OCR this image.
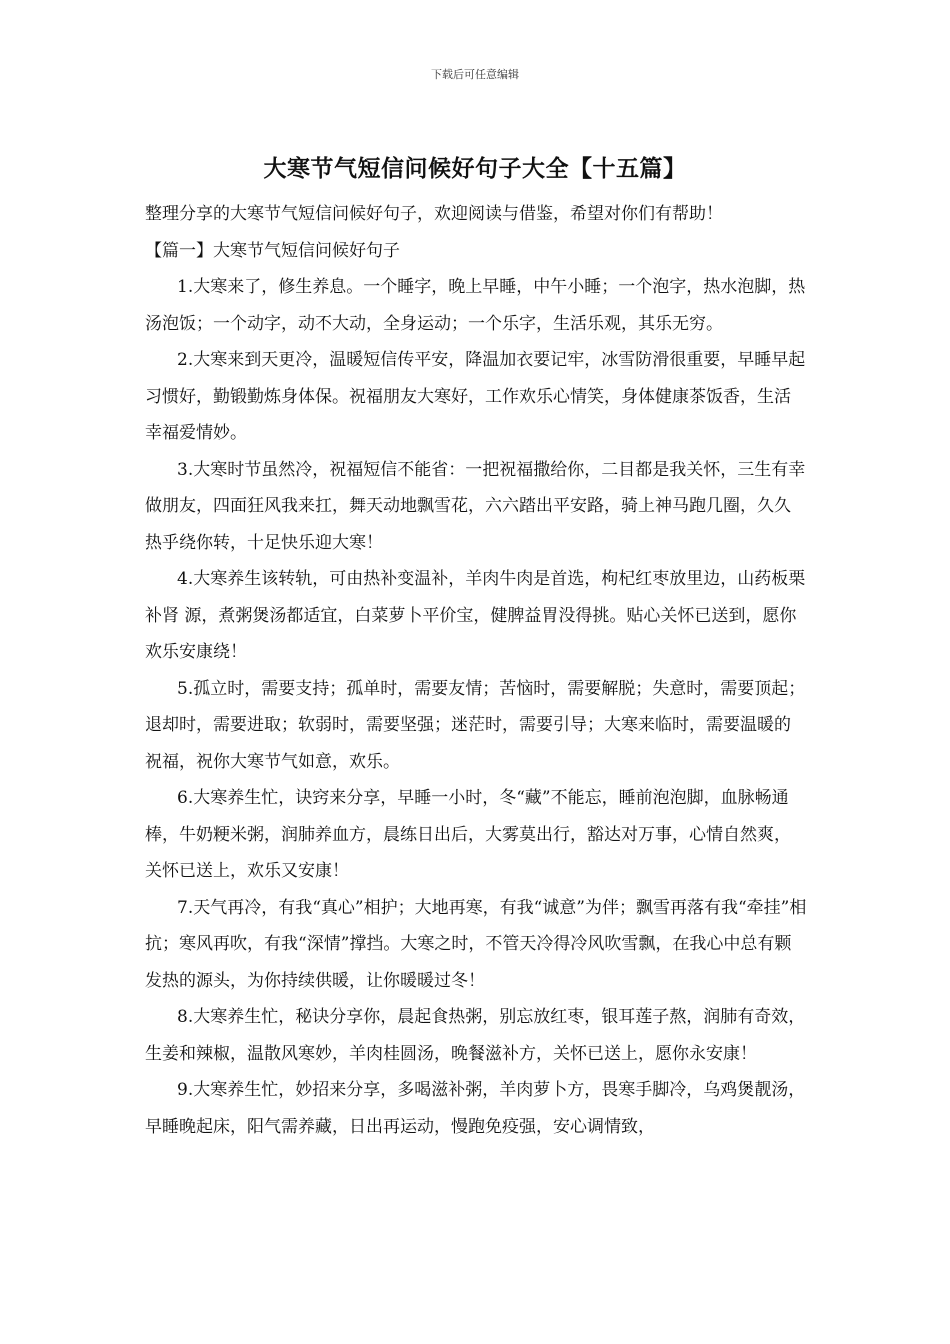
下载后可任意编辑
大寒节气短信问候好句子大全【十五篇】

整理分享的大寒节气短信问候好句子，欢迎阅读与借鉴，希望对你们有帮助！

【篇一】大寒节气短信问候好句子

1.大寒来了，修生养息。一个睡字，晚上早睡，中午小睡；一个泡字，热水泡脚，热汤泡饭；一个动字，动不大动，全身运动；一个乐字，生活乐观，其乐无穷。

2.大寒来到天更冷，温暖短信传平安，降温加衣要记牢，冰雪防滑很重要，早睡早起习惯好，勤锻勤炼身体保。祝福朋友大寒好，工作欢乐心情笑，身体健康茶饭香，生活幸福爱情妙。

3.大寒时节虽然冷，祝福短信不能省：一把祝福撒给你，二目都是我关怀，三生有幸做朋友，四面狂风我来扛，舞天动地飘雪花，六六踏出平安路，骑上神马跑几圈，久久热乎绕你转，十足快乐迎大寒！

4.大寒养生该转轨，可由热补变温补，羊肉牛肉是首选，枸杞红枣放里边，山药板栗补肾 源，煮粥煲汤都适宜，白菜萝卜平价宝，健脾益胃没得挑。贴心关怀已送到，愿你欢乐安康绕！

5.孤立时，需要支持；孤单时，需要友情；苦恼时，需要解脱；失意时，需要顶起；退却时，需要进取；软弱时，需要坚强；迷茫时，需要引导；大寒来临时，需要温暖的祝福，祝你大寒节气如意，欢乐。

6.大寒养生忙，诀窍来分享，早睡一小时，冬“藏”不能忘，睡前泡泡脚，血脉畅通棒，牛奶粳米粥，润肺养血方，晨练日出后，大雾莫出行，豁达对万事，心情自然爽，关怀已送上，欢乐又安康！

7.天气再冷，有我“真心”相护；大地再寒，有我“诚意”为伴；飘雪再落有我“牵挂”相抗；寒风再吹，有我“深情”撑挡。大寒之时，不管天冷得冷风吹雪飘，在我心中总有颗发热的源头，为你持续供暖，让你暖暖过冬！

8.大寒养生忙，秘诀分享你，晨起食热粥，别忘放红枣，银耳莲子熬，润肺有奇效，生姜和辣椒，温散风寒妙，羊肉桂圆汤，晚餐滋补方，关怀已送上，愿你永安康！

9.大寒养生忙，妙招来分享，多喝滋补粥，羊肉萝卜方，畏寒手脚冷，乌鸡煲靓汤，早睡晚起床，阳气需养藏，日出再运动，慢跑免疫强，安心调情致，
